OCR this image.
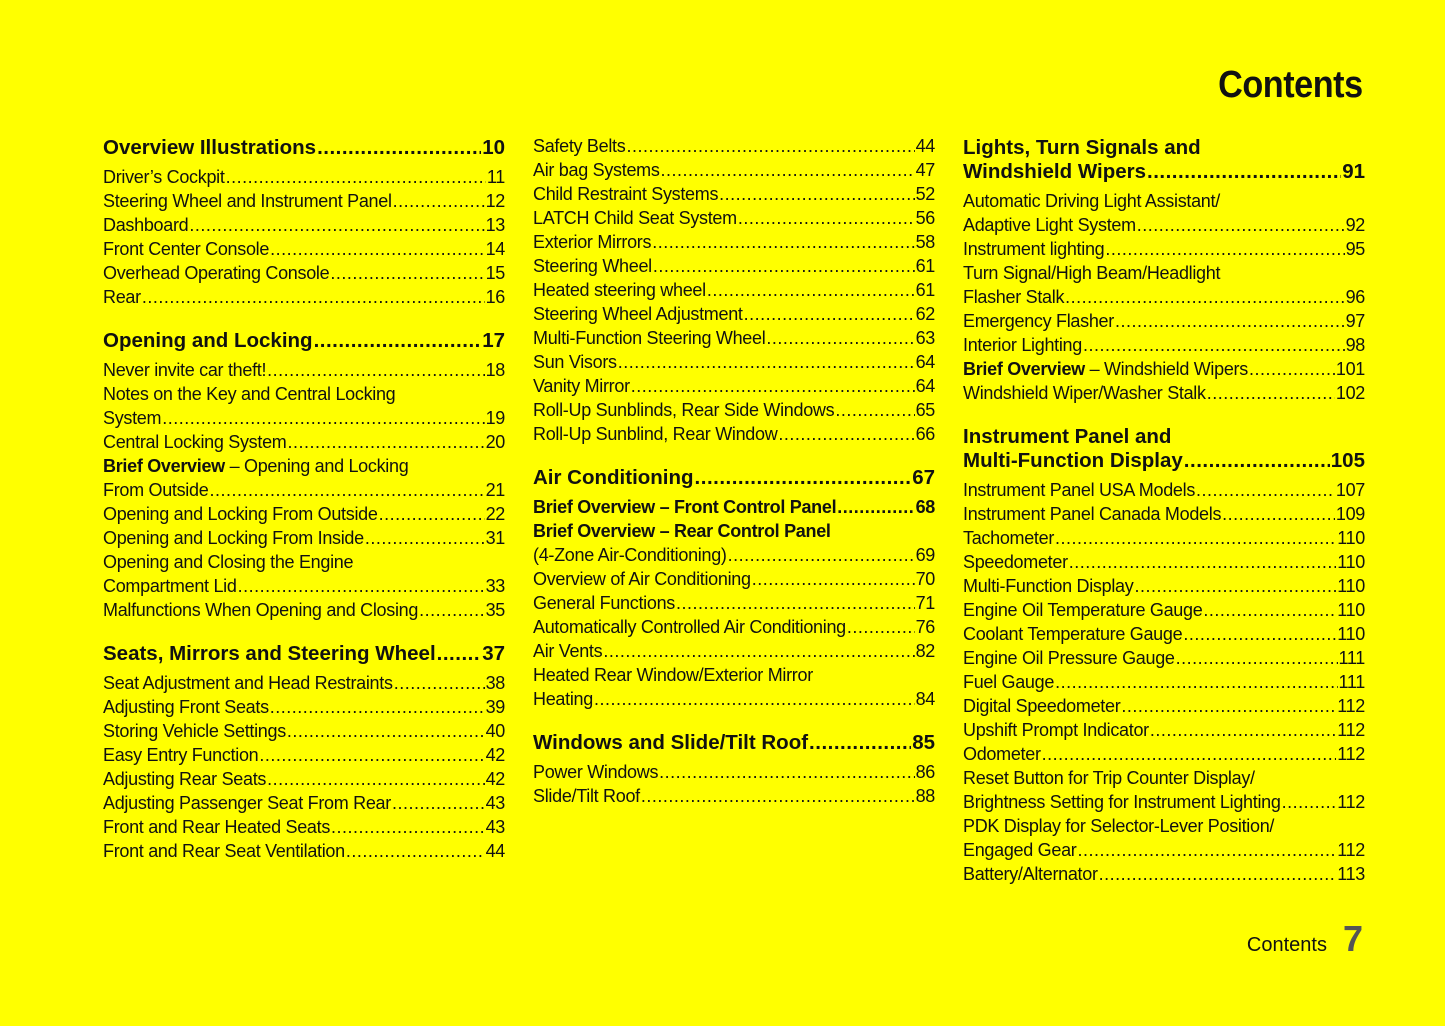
Contents
Overview Illustrations .....	10
Driver’s Cockpit .....	11
Steering Wheel and Instrument Panel .....	12
Dashboard .....	13
Front Center Console .....	14
Overhead Operating Console .....	15
Rear .....	16
Opening and Locking .....	17
Never invite car theft! .....	18
Notes on the Key and Central Locking
System .....	19
Central Locking System .....	20
Brief Overview – Opening and Locking
From Outside .....	21
Opening and Locking From Outside .....	22
Opening and Locking From Inside .....	31
Opening and Closing the Engine
Compartment Lid .....	33
Malfunctions When Opening and Closing .....	35
Seats, Mirrors and Steering Wheel ..... 37
Seat Adjustment and Head Restraints .....	38
Adjusting Front Seats .....	39
Storing Vehicle Settings .....	40
Easy Entry Function .....	42
Adjusting Rear Seats .....	42
Adjusting Passenger Seat From Rear .....	43
Front and Rear Heated Seats .....	43
Front and Rear Seat Ventilation .....	44
Safety Belts .....	44
Air bag Systems .....	47
Child Restraint Systems .....	52
LATCH Child Seat System .....	56
Exterior Mirrors .....	58
Steering Wheel .....	61
Heated steering wheel .....	61
Steering Wheel Adjustment .....	62
Multi-Function Steering Wheel .....	63
Sun Visors .....	64
Vanity Mirror .....	64
Roll-Up Sunblinds, Rear Side Windows .....	65
Roll-Up Sunblind, Rear Window .....	66
Air Conditioning .....	67
Brief Overview – Front Control Panel .....	68
Brief Overview – Rear Control Panel
(4-Zone Air-Conditioning) .....	69
Overview of Air Conditioning .....	70
General Functions .....	71
Automatically Controlled Air Conditioning .....	76
Air Vents .....	82
Heated Rear Window/Exterior Mirror
Heating .....	84
Windows and Slide/Tilt Roof .....	85
Power Windows .....	86
Slide/Tilt Roof .....	88
Lights, Turn Signals and
Windshield Wipers .....	91
Automatic Driving Light Assistant/
Adaptive Light System .....	92
Instrument lighting .....	95
Turn Signal/High Beam/Headlight
Flasher Stalk .....	96
Emergency Flasher .....	97
Interior Lighting .....	98
Brief Overview – Windshield Wipers .....	101
Windshield Wiper/Washer Stalk .....	102
Instrument Panel and
Multi-Function Display .....	105
Instrument Panel USA Models .....	107
Instrument Panel Canada Models .....	109
Tachometer .....	110
Speedometer .....	110
Multi-Function Display .....	110
Engine Oil Temperature Gauge .....	110
Coolant Temperature Gauge .....	110
Engine Oil Pressure Gauge .....	111
Fuel Gauge .....	111
Digital Speedometer .....	112
Upshift Prompt Indicator .....	112
Odometer .....	112
Reset Button for Trip Counter Display/
Brightness Setting for Instrument Lighting .....	112
PDK Display for Selector-Lever Position/
Engaged Gear .....	112
Battery/Alternator .....	113
Contents 7
